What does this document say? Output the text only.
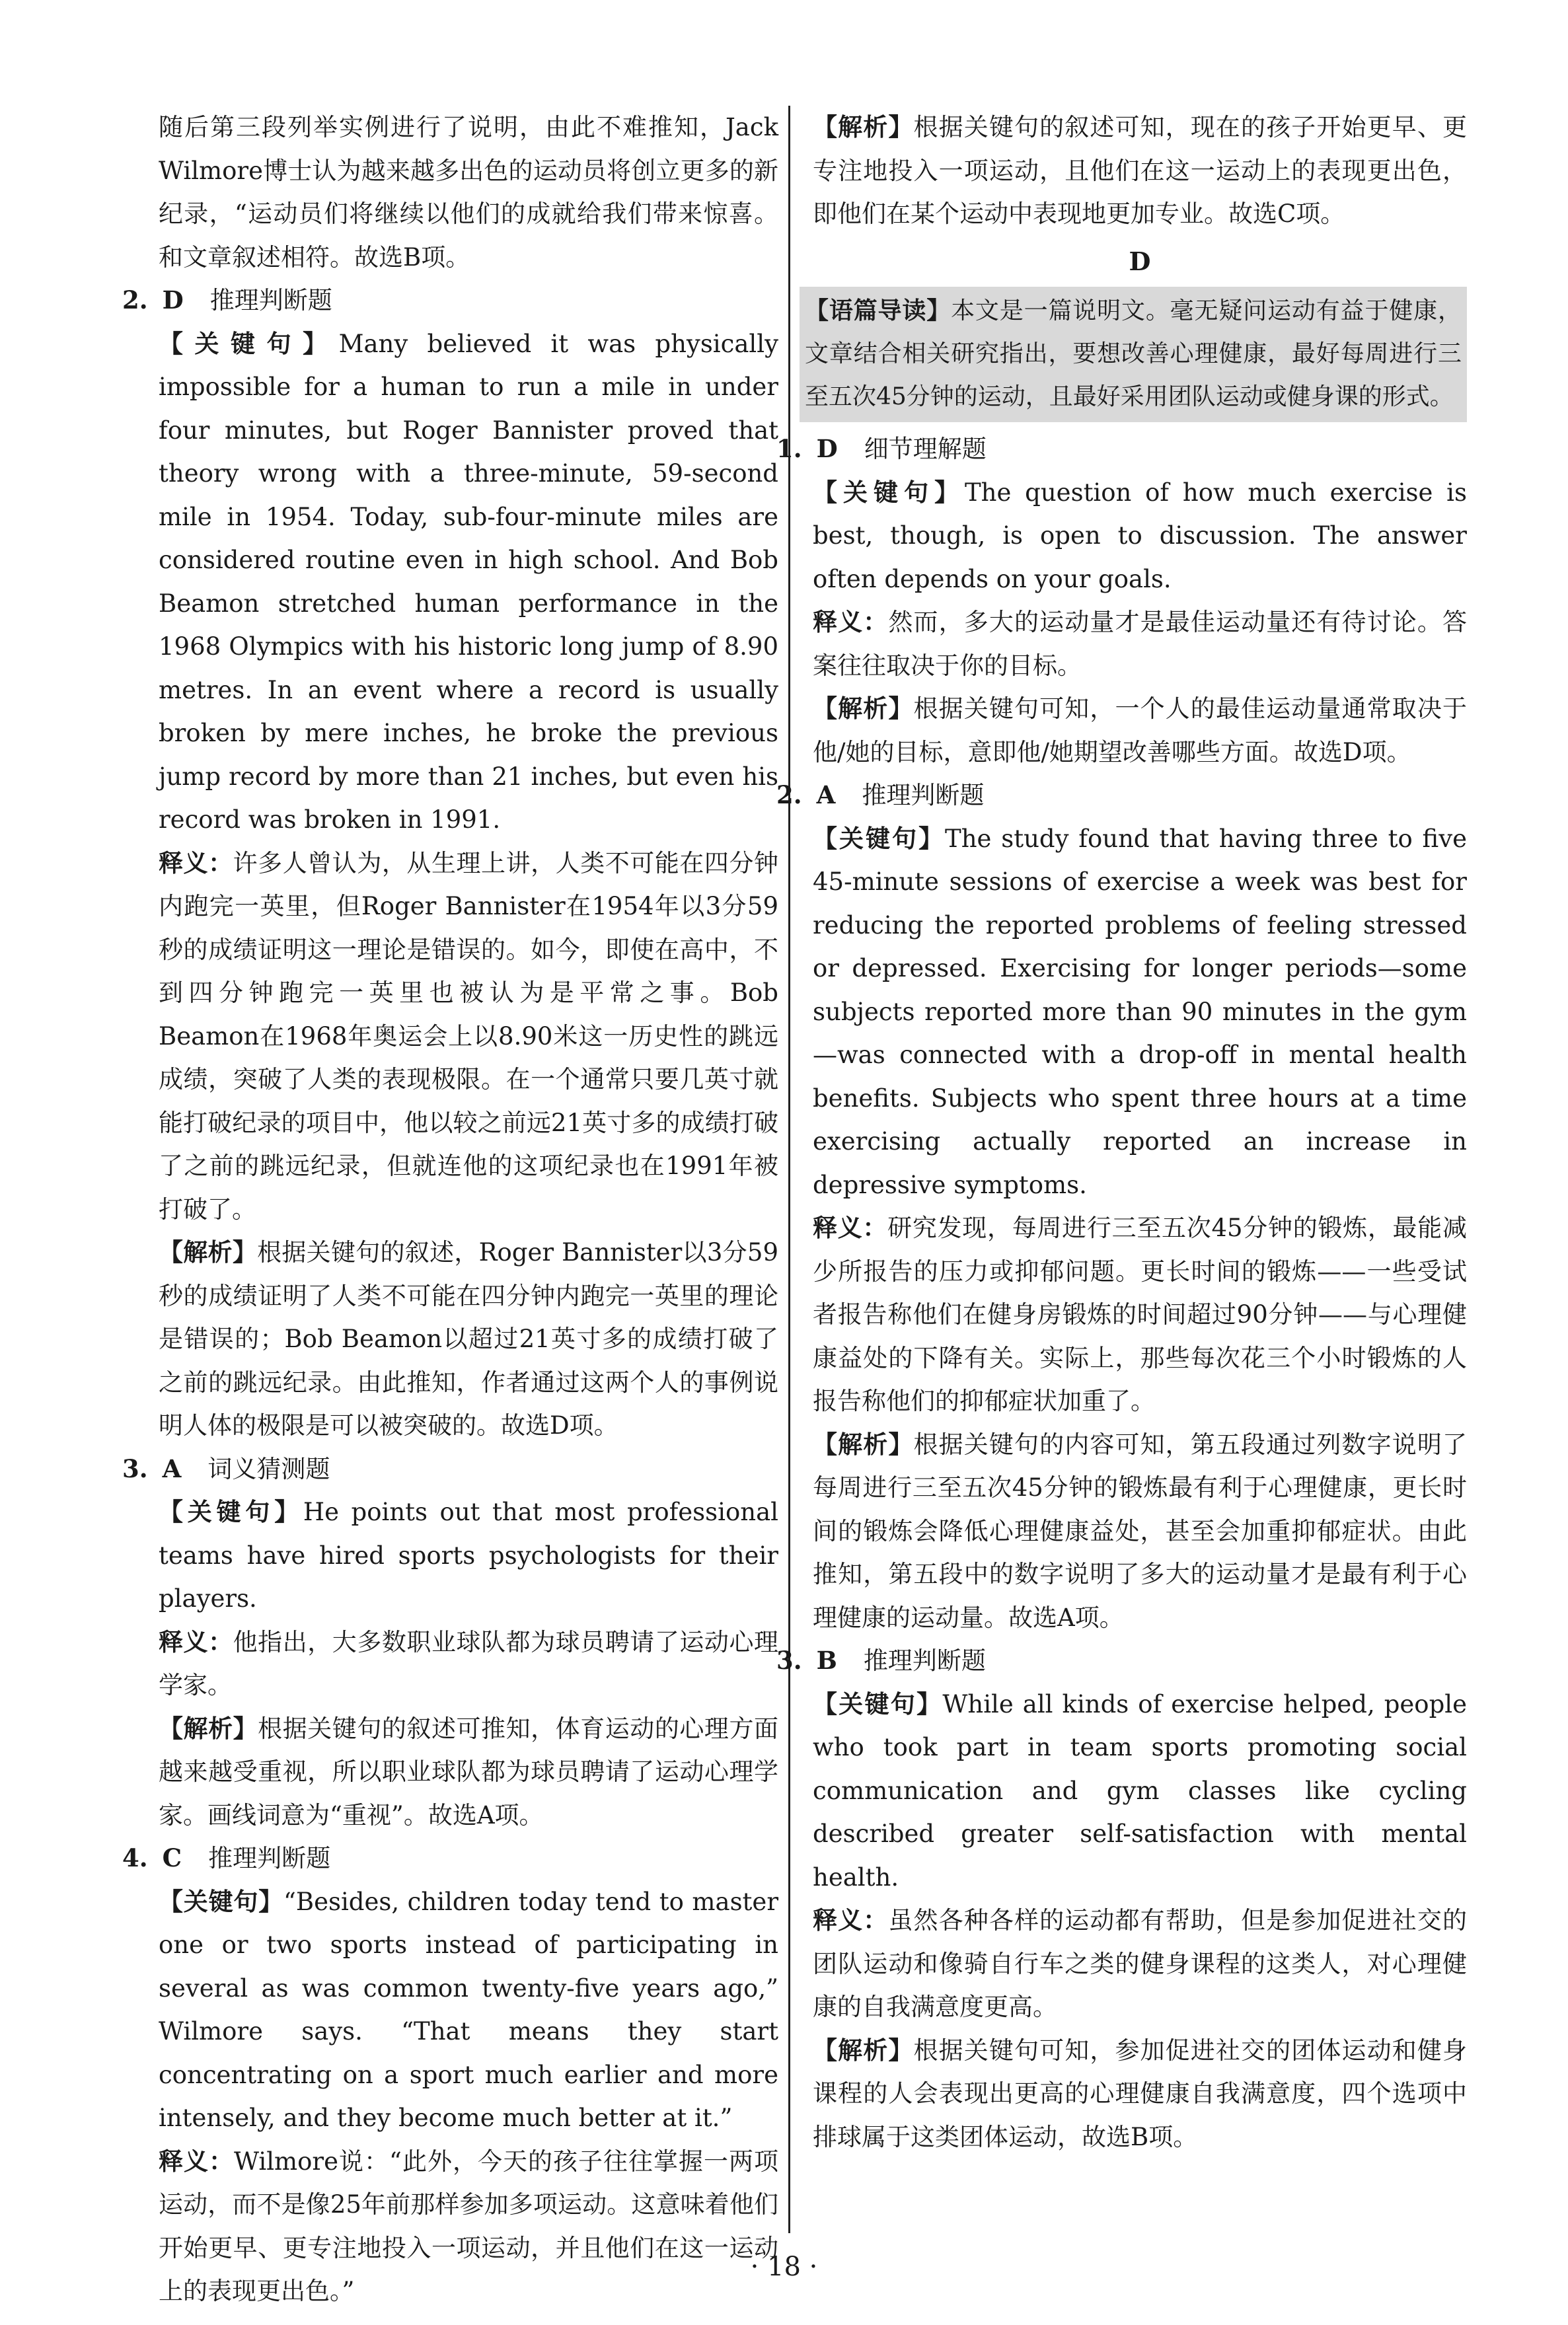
随后第三段列举实例进行了说明，由此不难推知，Jack Wilmore博士认为越来越多出色的运动员将创立更多的新纪录，“运动员们将继续以他们的成就给我们带来惊喜。和文章叙述相符。故选B项。

2. D 推理判断题

【关键句】Many believed it was physically impossible for a human to run a mile in under four minutes, but Roger Bannister proved that theory wrong with a three-minute, 59-second mile in 1954. Today, sub-four-minute miles are considered routine even in high school. And Bob Beamon stretched human performance in the 1968 Olympics with his historic long jump of 8.90 metres. In an event where a record is usually broken by mere inches, he broke the previous jump record by more than 21 inches, but even his record was broken in 1991.

释义：许多人曾认为，从生理上讲，人类不可能在四分钟内跑完一英里，但Roger Bannister在1954年以3分59秒的成绩证明这一理论是错误的。如今，即使在高中，不到四分钟跑完一英里也被认为是平常之事。Bob Beamon在1968年奥运会上以8.90米这一历史性的跳远成绩，突破了人类的表现极限。在一个通常只要几英寸就能打破纪录的项目中，他以较之前远21英寸多的成绩打破了之前的跳远纪录，但就连他的这项纪录也在1991年被打破了。

【解析】根据关键句的叙述，Roger Bannister以3分59秒的成绩证明了人类不可能在四分钟内跑完一英里的理论是错误的；Bob Beamon以超过21英寸多的成绩打破了之前的跳远纪录。由此推知，作者通过这两个人的事例说明人体的极限是可以被突破的。故选D项。

3. A 词义猜测题

【关键句】He points out that most professional teams have hired sports psychologists for their players.

释义：他指出，大多数职业球队都为球员聘请了运动心理学家。

【解析】根据关键句的叙述可推知，体育运动的心理方面越来越受重视，所以职业球队都为球员聘请了运动心理学家。画线词意为“重视”。故选A项。

4. C 推理判断题

【关键句】“Besides, children today tend to master one or two sports instead of participating in several as was common twenty-five years ago,” Wilmore says. “That means they start concentrating on a sport much earlier and more intensely, and they become much better at it.”

释义：Wilmore说：“此外，今天的孩子往往掌握一两项运动，而不是像25年前那样参加多项运动。这意味着他们开始更早、更专注地投入一项运动，并且他们在这一运动上的表现更出色。”

【解析】根据关键句的叙述可知，现在的孩子开始更早、更专注地投入一项运动，且他们在这一运动上的表现更出色，即他们在某个运动中表现地更加专业。故选C项。

D

【语篇导读】本文是一篇说明文。毫无疑问运动有益于健康，文章结合相关研究指出，要想改善心理健康，最好每周进行三至五次45分钟的运动，且最好采用团队运动或健身课的形式。

1. D 细节理解题

【关键句】The question of how much exercise is best, though, is open to discussion. The answer often depends on your goals.

释义：然而，多大的运动量才是最佳运动量还有待讨论。答案往往取决于你的目标。

【解析】根据关键句可知，一个人的最佳运动量通常取决于他/她的目标，意即他/她期望改善哪些方面。故选D项。

2. A 推理判断题

【关键句】The study found that having three to five 45-minute sessions of exercise a week was best for reducing the reported problems of feeling stressed or depressed. Exercising for longer periods—some subjects reported more than 90 minutes in the gym—was connected with a drop-off in mental health benefits. Subjects who spent three hours at a time exercising actually reported an increase in depressive symptoms.

释义：研究发现，每周进行三至五次45分钟的锻炼，最能减少所报告的压力或抑郁问题。更长时间的锻炼——一些受试者报告称他们在健身房锻炼的时间超过90分钟——与心理健康益处的下降有关。实际上，那些每次花三个小时锻炼的人报告称他们的抑郁症状加重了。

【解析】根据关键句的内容可知，第五段通过列数字说明了每周进行三至五次45分钟的锻炼最有利于心理健康，更长时间的锻炼会降低心理健康益处，甚至会加重抑郁症状。由此推知，第五段中的数字说明了多大的运动量才是最有利于心理健康的运动量。故选A项。

3. B 推理判断题

【关键句】While all kinds of exercise helped, people who took part in team sports promoting social communication and gym classes like cycling described greater self-satisfaction with mental health.

释义：虽然各种各样的运动都有帮助，但是参加促进社交的团队运动和像骑自行车之类的健身课程的这类人，对心理健康的自我满意度更高。

【解析】根据关键句可知，参加促进社交的团体运动和健身课程的人会表现出更高的心理健康自我满意度，四个选项中排球属于这类团体运动，故选B项。

· 18 ·
